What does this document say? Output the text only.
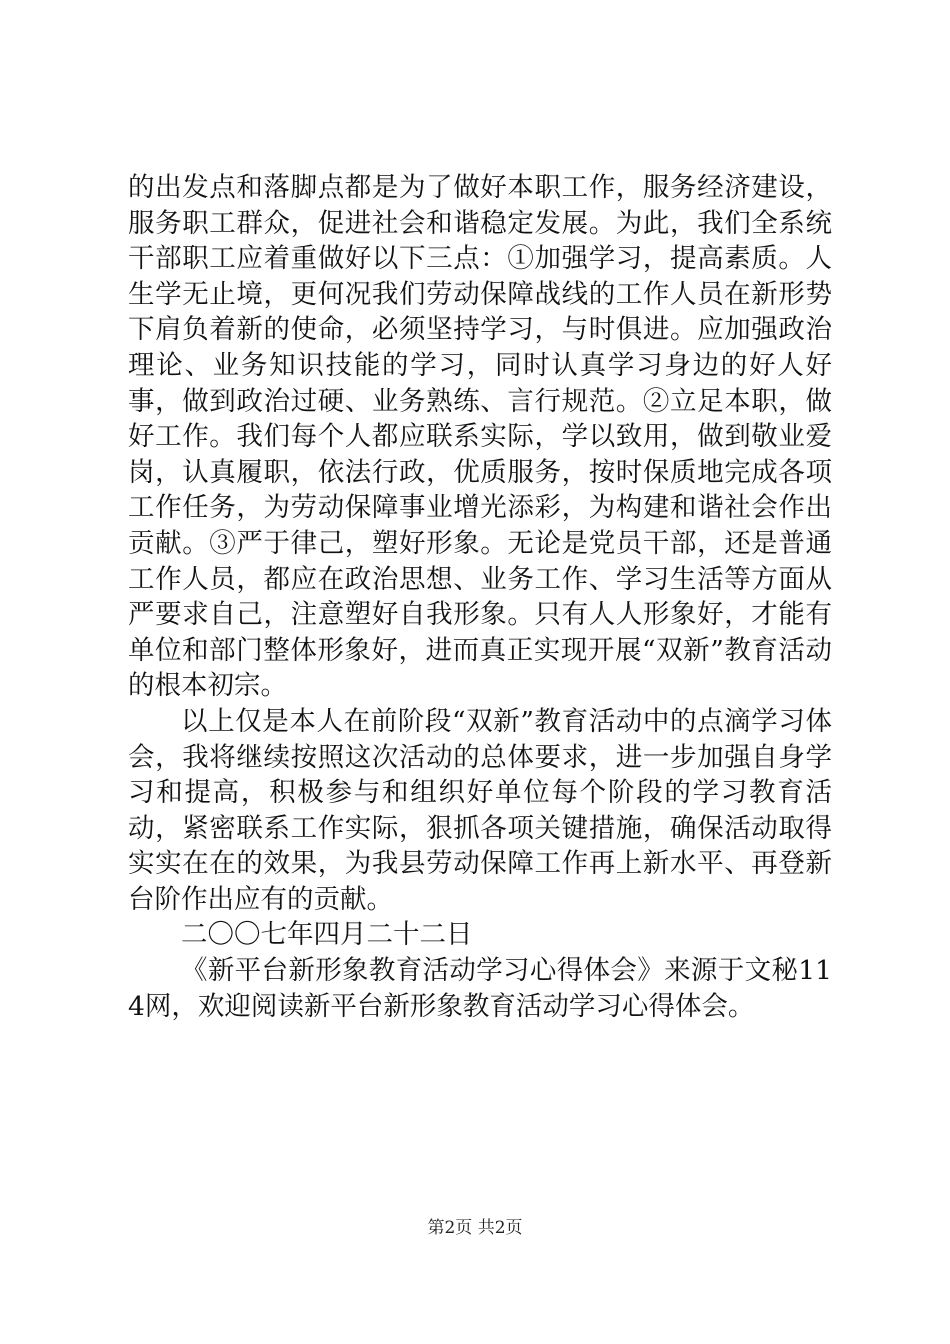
的出发点和落脚点都是为了做好本职工作，服务经济建设，服务职工群众，促进社会和谐稳定发展。为此，我们全系统干部职工应着重做好以下三点：①加强学习，提高素质。人生学无止境，更何况我们劳动保障战线的工作人员在新形势下肩负着新的使命，必须坚持学习，与时俱进。应加强政治理论、业务知识技能的学习，同时认真学习身边的好人好事，做到政治过硬、业务熟练、言行规范。②立足本职，做好工作。我们每个人都应联系实际，学以致用，做到敬业爱岗，认真履职，依法行政，优质服务，按时保质地完成各项工作任务，为劳动保障事业增光添彩，为构建和谐社会作出贡献。③严于律己，塑好形象。无论是党员干部，还是普通工作人员，都应在政治思想、业务工作、学习生活等方面从严要求自己，注意塑好自我形象。只有人人形象好，才能有单位和部门整体形象好，进而真正实现开展“双新”教育活动的根本初宗。

以上仅是本人在前阶段“双新”教育活动中的点滴学习体会，我将继续按照这次活动的总体要求，进一步加强自身学习和提高，积极参与和组织好单位每个阶段的学习教育活动，紧密联系工作实际，狠抓各项关键措施，确保活动取得实实在在的效果，为我县劳动保障工作再上新水平、再登新台阶作出应有的贡献。

二〇〇七年四月二十二日

《新平台新形象教育活动学习心得体会》来源于文秘114网，欢迎阅读新平台新形象教育活动学习心得体会。

第2页 共2页
